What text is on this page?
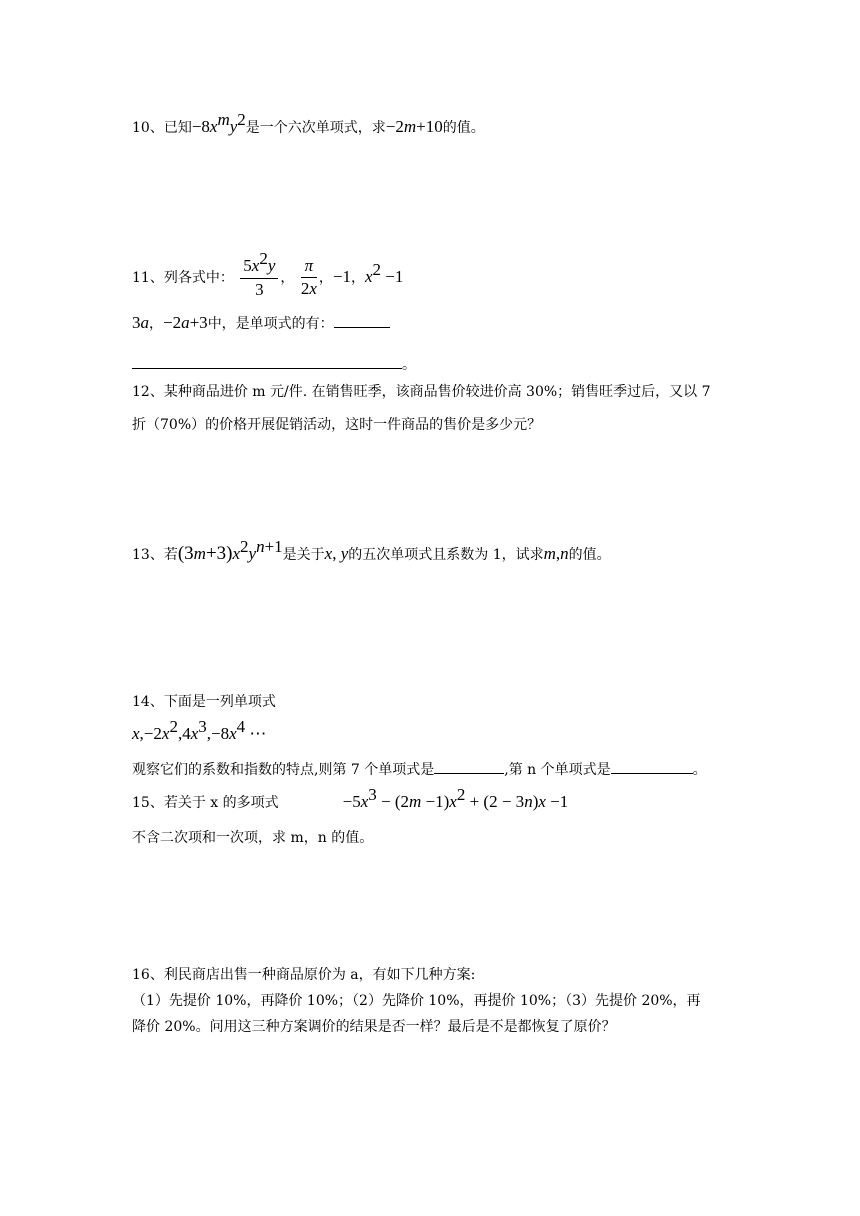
10、已知$-8x^my^2$是一个六次单项式，求−2m+10的值。
11、列各式中： $\frac{5x^2y}{3}$ ， $\frac{\pi}{2x}$ ，−1，$x^2 -1$
3a，−2a+3中，是单项式的有：
。
12、某种商品进价 m 元/件. 在销售旺季，该商品售价较进价高 30%；销售旺季过后，又以 7
折（70%）的价格开展促销活动，这时一件商品的售价是多少元？
13、若$(3m+3)x^2y^{n+1}$是关于x, y的五次单项式且系数为 1，试求m,n的值。
14、下面是一列单项式
$x,-2x^2,4x^3,-8x^4$ ⋯
观察它们的系数和指数的特点,则第 7 个单项式是	,第 n 个单项式是	。
15、若关于 x 的多项式	$-5x^3 - (2m -1)x^2 + (2 - 3n)x -1$
不含二次项和一次项，求 m，n 的值。
16、利民商店出售一种商品原价为 a，有如下几种方案:
（1）先提价 10%，再降价 10%；（2）先降价 10%，再提价 10%；（3）先提价 20%，再
降价 20%。问用这三种方案调价的结果是否一样？最后是不是都恢复了原价？
